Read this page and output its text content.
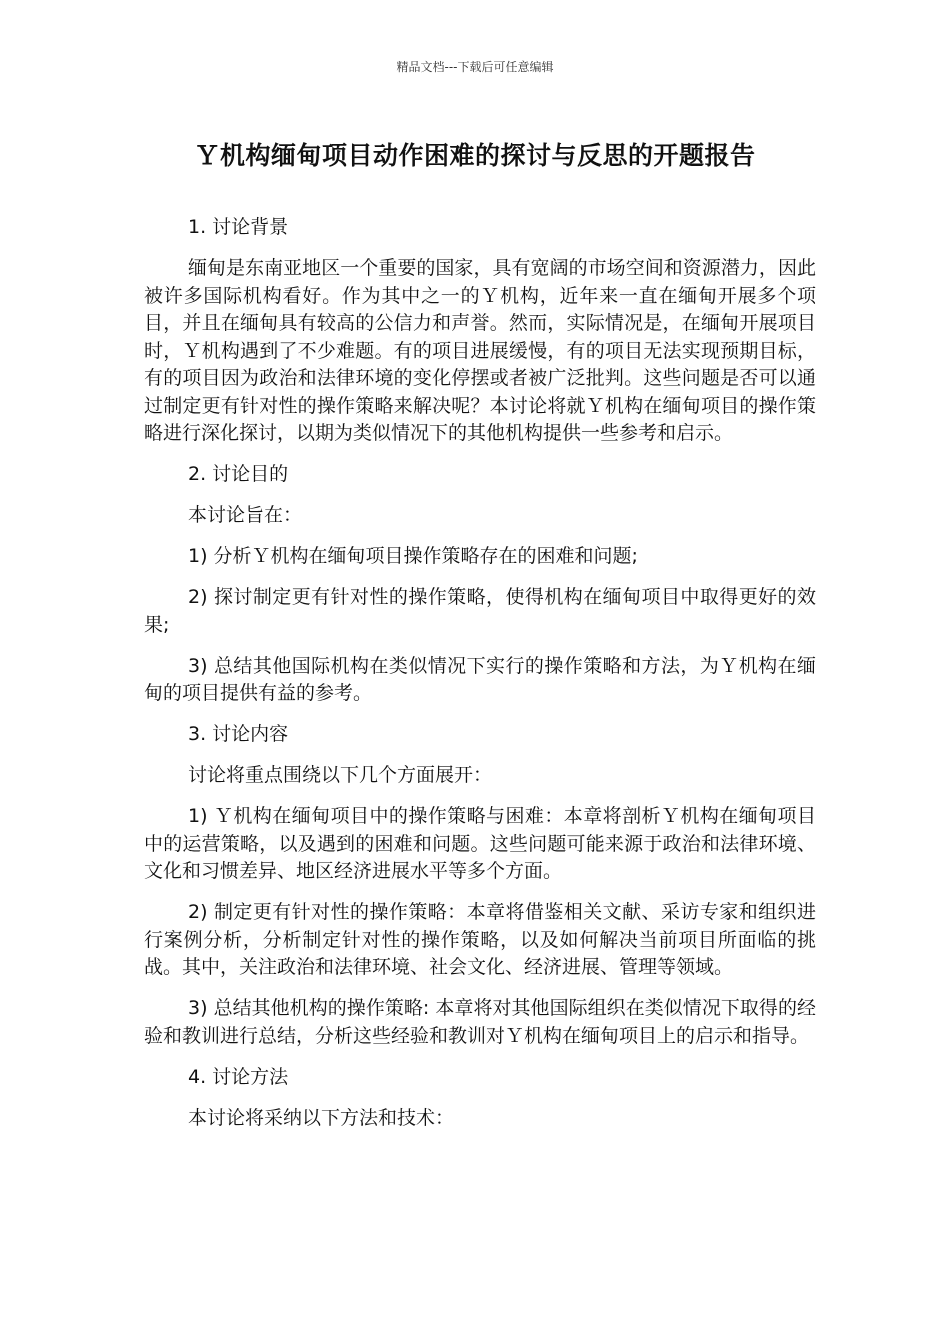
精品文档---下载后可任意编辑
Ｙ机构缅甸项目动作困难的探讨与反思的开题报告

1. 讨论背景

缅甸是东南亚地区一个重要的国家，具有宽阔的市场空间和资源潜力，因此被许多国际机构看好。作为其中之一的Ｙ机构，近年来一直在缅甸开展多个项目，并且在缅甸具有较高的公信力和声誉。然而，实际情况是，在缅甸开展项目时，Ｙ机构遇到了不少难题。有的项目进展缓慢，有的项目无法实现预期目标，有的项目因为政治和法律环境的变化停摆或者被广泛批判。这些问题是否可以通过制定更有针对性的操作策略来解决呢？本讨论将就Ｙ机构在缅甸项目的操作策略进行深化探讨，以期为类似情况下的其他机构提供一些参考和启示。

2. 讨论目的

本讨论旨在：

1) 分析Ｙ机构在缅甸项目操作策略存在的困难和问题;

2) 探讨制定更有针对性的操作策略，使得机构在缅甸项目中取得更好的效果;

3) 总结其他国际机构在类似情况下实行的操作策略和方法，为Ｙ机构在缅甸的项目提供有益的参考。

3. 讨论内容

讨论将重点围绕以下几个方面展开：

1) Ｙ机构在缅甸项目中的操作策略与困难：本章将剖析Ｙ机构在缅甸项目中的运营策略，以及遇到的困难和问题。这些问题可能来源于政治和法律环境、文化和习惯差异、地区经济进展水平等多个方面。

2) 制定更有针对性的操作策略：本章将借鉴相关文献、采访专家和组织进行案例分析，分析制定针对性的操作策略，以及如何解决当前项目所面临的挑战。其中，关注政治和法律环境、社会文化、经济进展、管理等领域。

3) 总结其他机构的操作策略: 本章将对其他国际组织在类似情况下取得的经验和教训进行总结，分析这些经验和教训对Ｙ机构在缅甸项目上的启示和指导。

4. 讨论方法

本讨论将采纳以下方法和技术：
